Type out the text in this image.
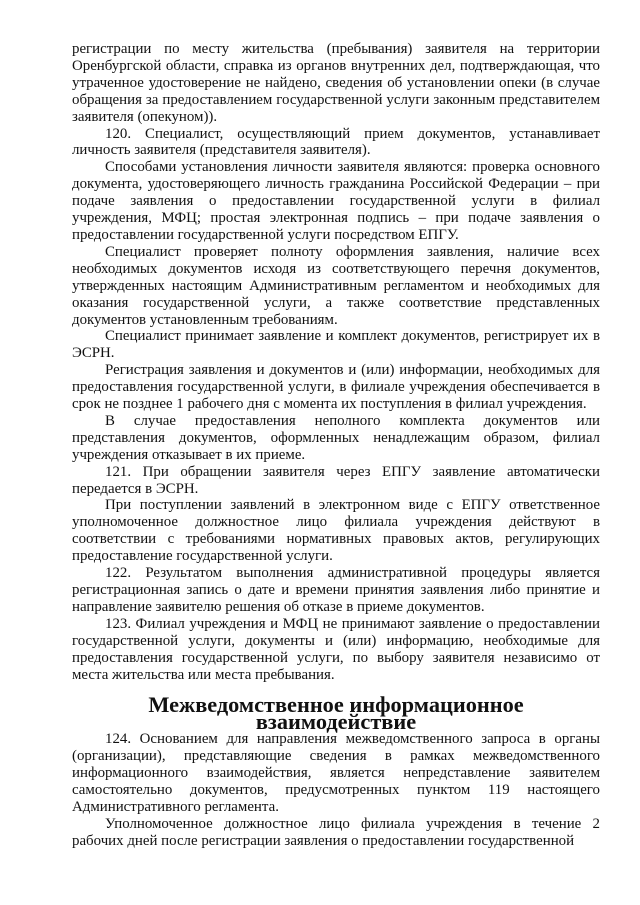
регистрации по месту жительства (пребывания) заявителя на территории Оренбургской области, справка из органов внутренних дел, подтверждающая, что утраченное удостоверение не найдено, сведения об установлении опеки (в случае обращения за предоставлением государственной услуги законным представителем заявителя (опекуном)).

120. Специалист, осуществляющий прием документов, устанавливает личность заявителя (представителя заявителя).

Способами установления личности заявителя являются: проверка основного документа, удостоверяющего личность гражданина Российской Федерации – при подаче заявления о предоставлении государственной услуги в филиал учреждения, МФЦ; простая электронная подпись – при подаче заявления о предоставлении государственной услуги посредством ЕПГУ.

Специалист проверяет полноту оформления заявления, наличие всех необходимых документов исходя из соответствующего перечня документов, утвержденных настоящим Административным регламентом и необходимых для оказания государственной услуги, а также соответствие представленных документов установленным требованиям.

Специалист принимает заявление и комплект документов, регистрирует их в ЭСРН.

Регистрация заявления и документов и (или) информации, необходимых для предоставления государственной услуги, в филиале учреждения обеспечивается в срок не позднее 1 рабочего дня с момента их поступления в филиал учреждения.

В случае предоставления неполного комплекта документов или представления документов, оформленных ненадлежащим образом, филиал учреждения отказывает в их приеме.

121. При обращении заявителя через ЕПГУ заявление автоматически передается в ЭСРН.

При поступлении заявлений в электронном виде с ЕПГУ ответственное уполномоченное должностное лицо филиала учреждения действуют в соответствии с требованиями нормативных правовых актов, регулирующих предоставление государственной услуги.

122. Результатом выполнения административной процедуры является регистрационная запись о дате и времени принятия заявления либо принятие и направление заявителю решения об отказе в приеме документов.

123. Филиал учреждения и МФЦ не принимают заявление о предоставлении государственной услуги, документы и (или) информацию, необходимые для предоставления государственной услуги, по выбору заявителя независимо от места жительства или места пребывания.

Межведомственное информационное взаимодействие

124. Основанием для направления межведомственного запроса в органы (организации), представляющие сведения в рамках межведомственного информационного взаимодействия, является непредставление заявителем самостоятельно документов, предусмотренных пунктом 119 настоящего Административного регламента.

Уполномоченное должностное лицо филиала учреждения в течение 2 рабочих дней после регистрации заявления о предоставлении государственной
